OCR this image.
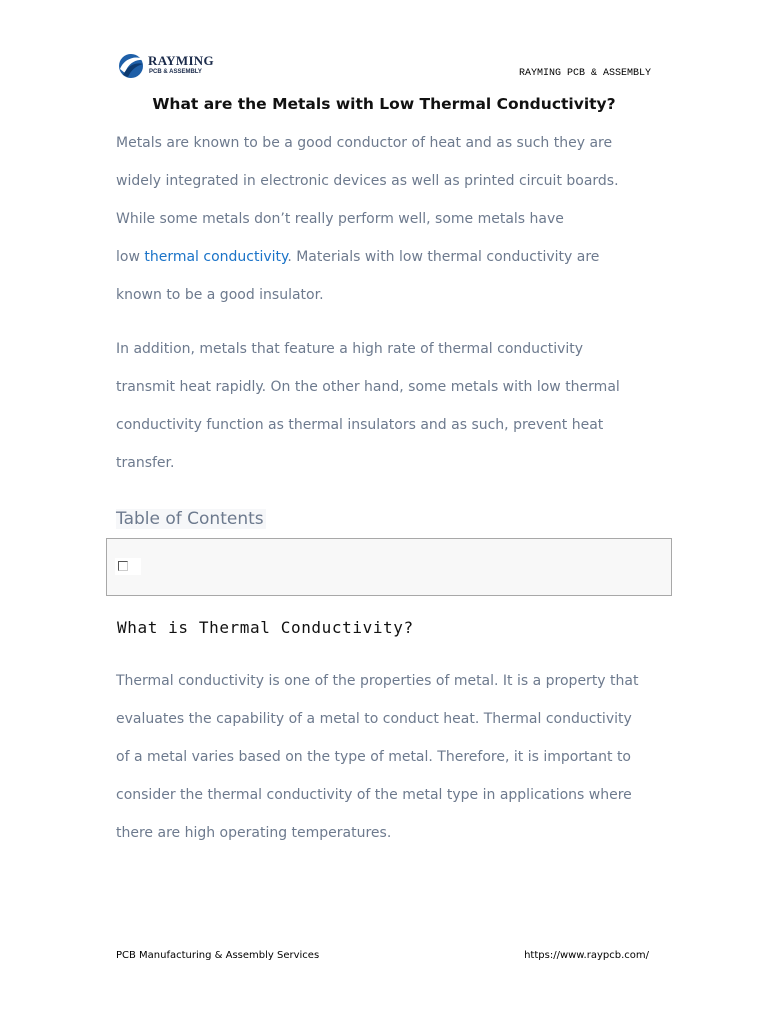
RAYMING
PCB & ASSEMBLY	RAYMING PCB & ASSEMBLY
What are the Metals with Low Thermal Conductivity?
Metals are known to be a good conductor of heat and as such they are
widely integrated in electronic devices as well as printed circuit boards.
While some metals don’t really perform well, some metals have
low thermal conductivity. Materials with low thermal conductivity are
known to be a good insulator.
In addition, metals that feature a high rate of thermal conductivity
transmit heat rapidly. On the other hand, some metals with low thermal
conductivity function as thermal insulators and as such, prevent heat
transfer.
Table of Contents
What is Thermal Conductivity?
Thermal conductivity is one of the properties of metal. It is a property that
evaluates the capability of a metal to conduct heat. Thermal conductivity
of a metal varies based on the type of metal. Therefore, it is important to
consider the thermal conductivity of the metal type in applications where
there are high operating temperatures.
PCB Manufacturing & Assembly Services	https://www.raypcb.com/
